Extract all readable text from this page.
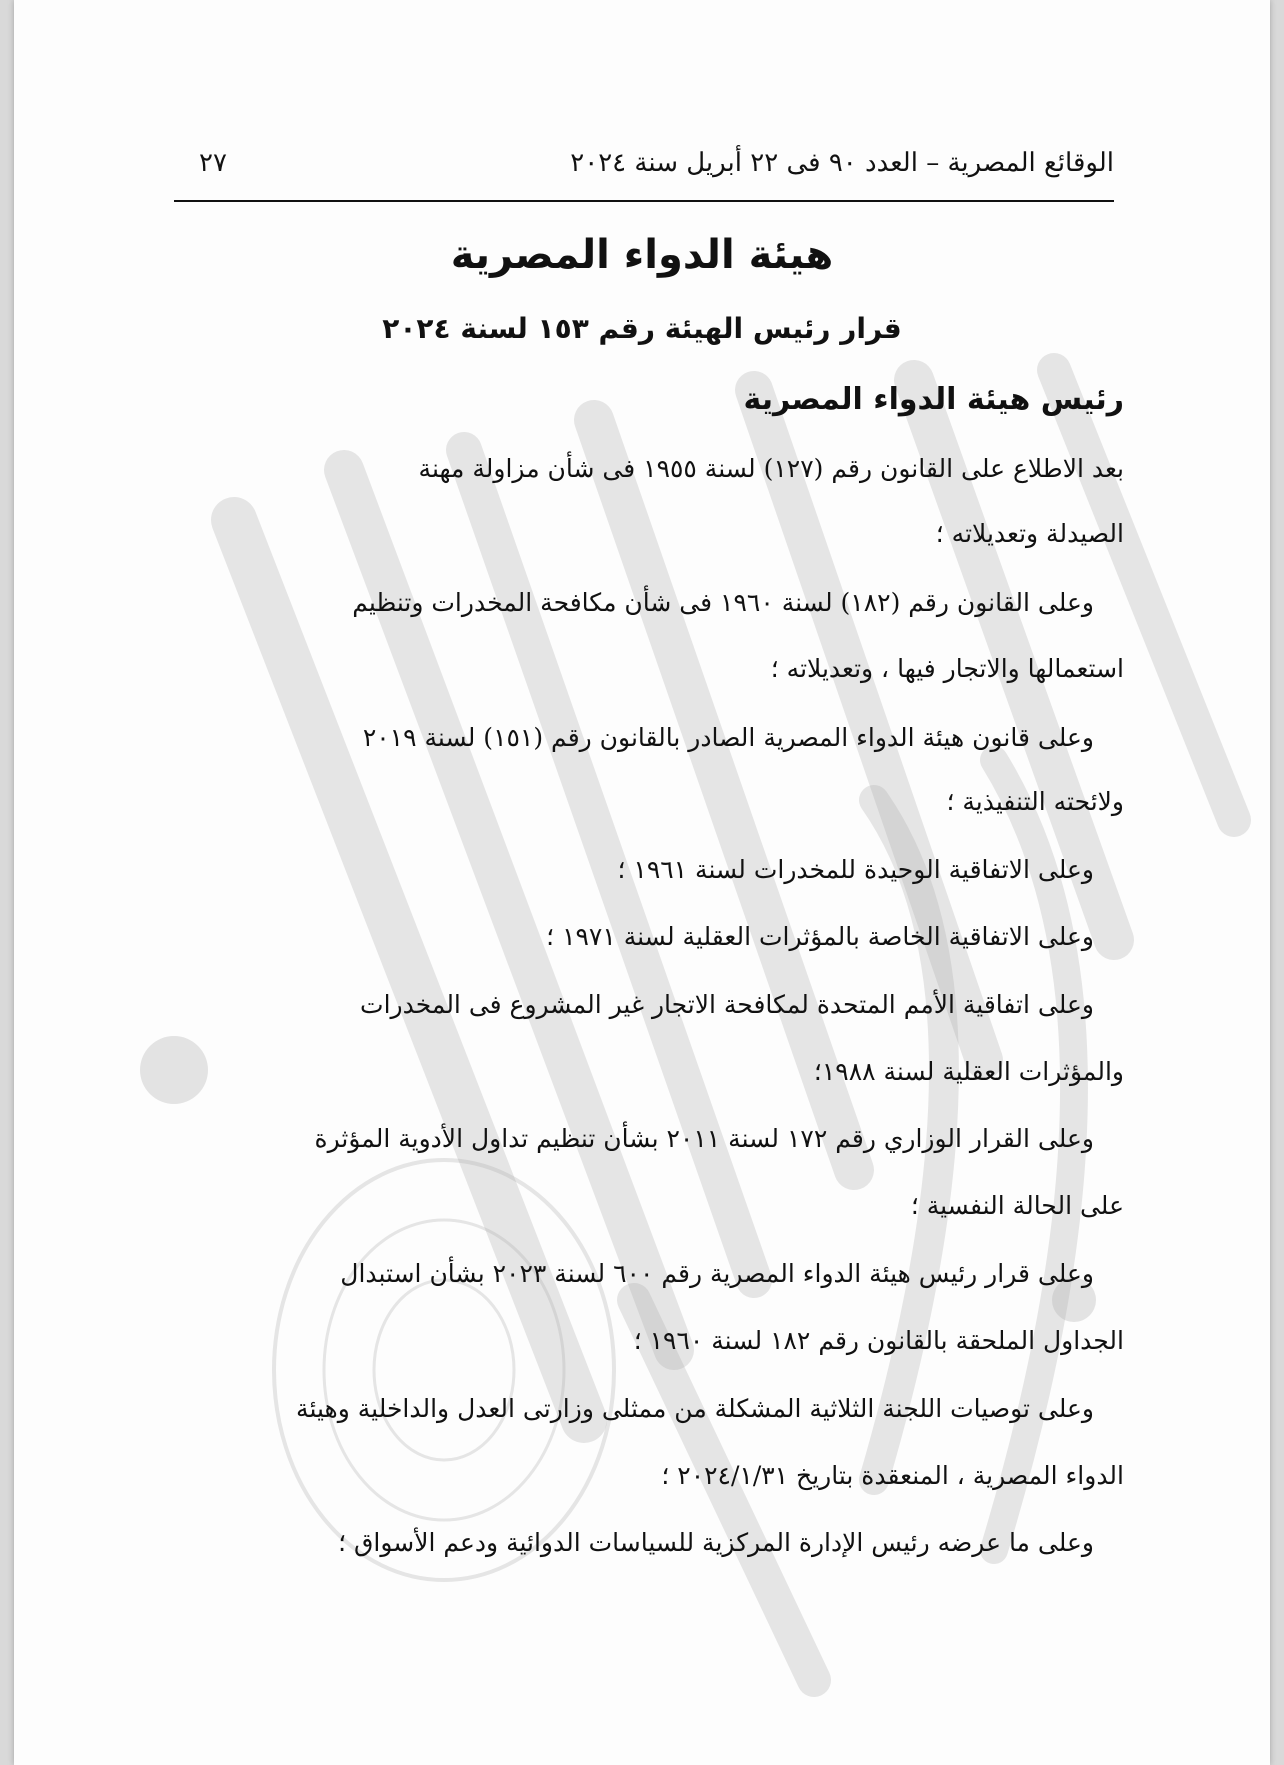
الوقائع المصرية – العدد ٩٠ فى ٢٢ أبريل سنة ٢٠٢٤
٢٧
هيئة الدواء المصرية
قرار رئيس الهيئة رقم ١٥٣ لسنة ٢٠٢٤
رئيس هيئة الدواء المصرية
بعد الاطلاع على القانون رقم (١٢٧) لسنة ١٩٥٥ فى شأن مزاولة مهنة
الصيدلة وتعديلاته ؛
وعلى القانون رقم (١٨٢) لسنة ١٩٦٠ فى شأن مكافحة المخدرات وتنظيم
استعمالها والاتجار فيها ، وتعديلاته ؛
وعلى قانون هيئة الدواء المصرية الصادر بالقانون رقم (١٥١) لسنة ٢٠١٩
ولائحته التنفيذية ؛
وعلى الاتفاقية الوحيدة للمخدرات لسنة ١٩٦١ ؛
وعلى الاتفاقية الخاصة بالمؤثرات العقلية لسنة ١٩٧١ ؛
وعلى اتفاقية الأمم المتحدة لمكافحة الاتجار غير المشروع فى المخدرات
والمؤثرات العقلية لسنة ١٩٨٨؛
وعلى القرار الوزاري رقم ١٧٢ لسنة ٢٠١١ بشأن تنظيم تداول الأدوية المؤثرة
على الحالة النفسية ؛
وعلى قرار رئيس هيئة الدواء المصرية رقم ٦٠٠ لسنة ٢٠٢٣ بشأن استبدال
الجداول الملحقة بالقانون رقم ١٨٢ لسنة ١٩٦٠ ؛
وعلى توصيات اللجنة الثلاثية المشكلة من ممثلى وزارتى العدل والداخلية وهيئة
الدواء المصرية ، المنعقدة بتاريخ ٢٠٢٤/١/٣١ ؛
وعلى ما عرضه رئيس الإدارة المركزية للسياسات الدوائية ودعم الأسواق ؛
